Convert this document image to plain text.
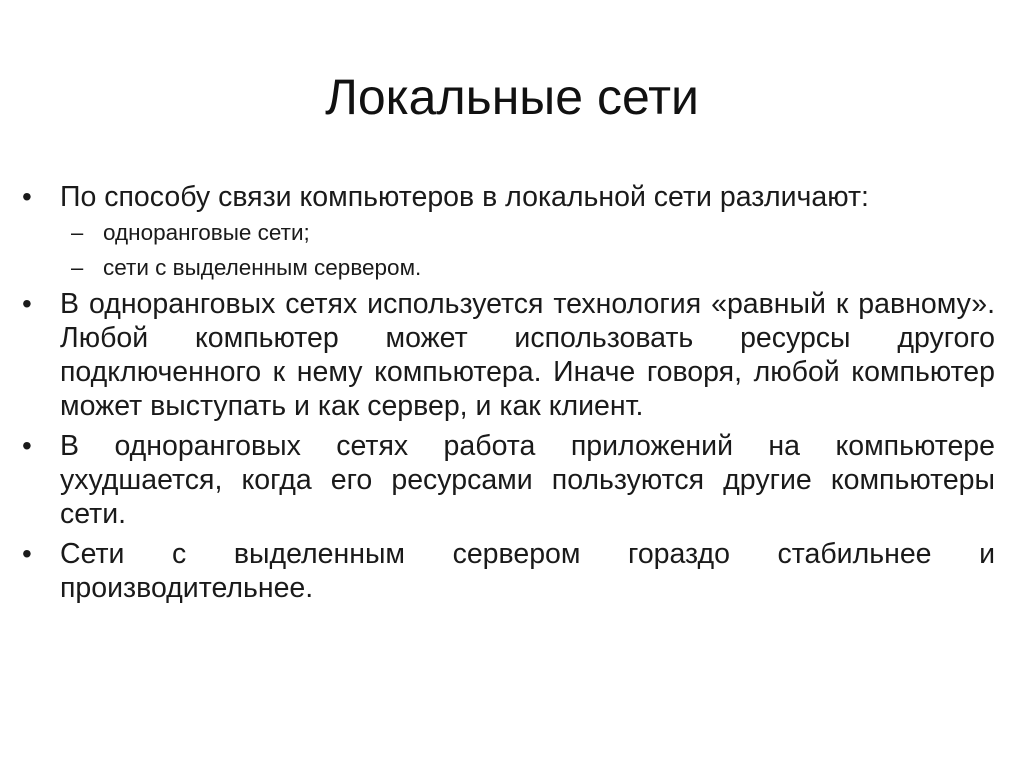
Локальные сети

• По способу связи компьютеров в локальной сети различают:

– одноранговые сети;

– сети с выделенным сервером.

• В одноранговых сетях используется технология «равный к равному». Любой компьютер может использовать ресурсы другого подключенного к нему компьютера. Иначе говоря, любой компьютер может выступать и как сервер, и как клиент.

• В одноранговых сетях работа приложений на компьютере ухудшается, когда его ресурсами пользуются другие компьютеры сети.

• Сети с выделенным сервером гораздо стабильнее и производительнее.
